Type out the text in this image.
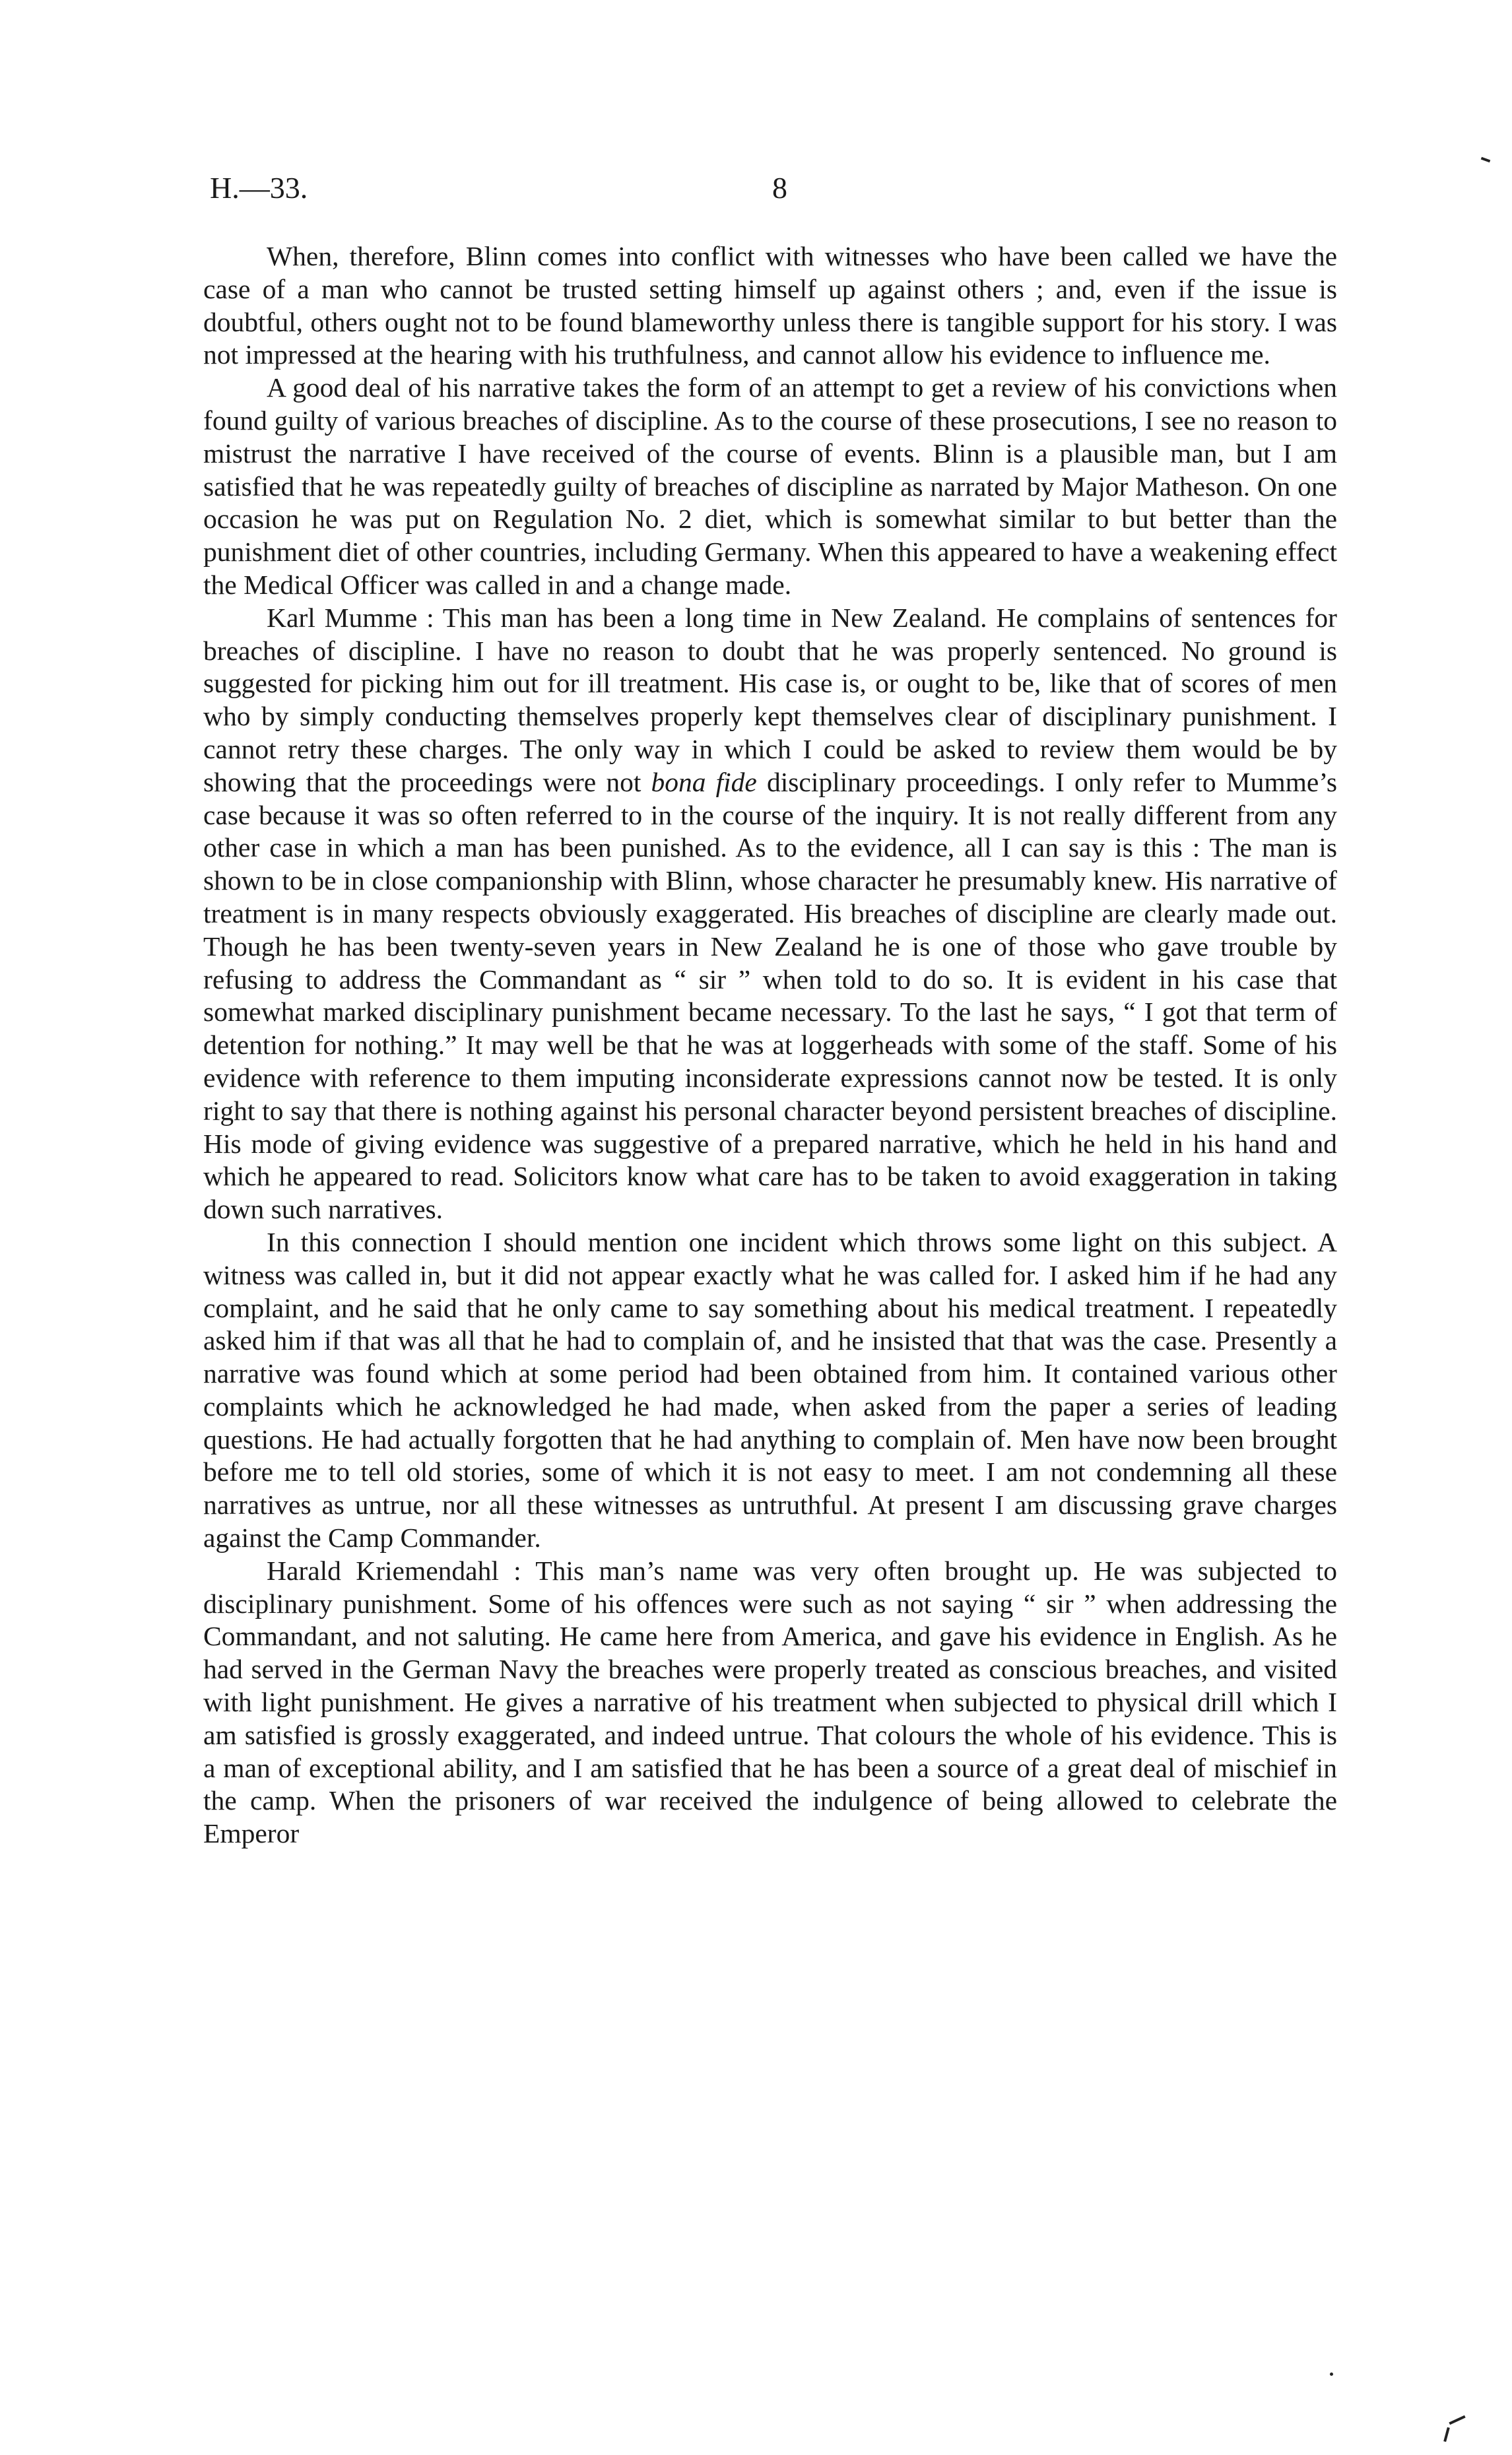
H.—33.	8

When, therefore, Blinn comes into conflict with witnesses who have been called we have the case of a man who cannot be trusted setting himself up against others ; and, even if the issue is doubtful, others ought not to be found blameworthy unless there is tangible support for his story. I was not impressed at the hearing with his truthfulness, and cannot allow his evidence to influence me.

A good deal of his narrative takes the form of an attempt to get a review of his convictions when found guilty of various breaches of discipline. As to the course of these prosecutions, I see no reason to mistrust the narrative I have received of the course of events. Blinn is a plausible man, but I am satisfied that he was repeatedly guilty of breaches of discipline as narrated by Major Matheson. On one occasion he was put on Regulation No. 2 diet, which is somewhat similar to but better than the punishment diet of other countries, including Germany. When this appeared to have a weakening effect the Medical Officer was called in and a change made.

Karl Mumme : This man has been a long time in New Zealand. He complains of sentences for breaches of discipline. I have no reason to doubt that he was properly sentenced. No ground is suggested for picking him out for ill treatment. His case is, or ought to be, like that of scores of men who by simply conducting themselves properly kept themselves clear of disciplinary punishment. I cannot retry these charges. The only way in which I could be asked to review them would be by showing that the proceedings were not bona fide disciplinary proceedings. I only refer to Mumme’s case because it was so often referred to in the course of the inquiry. It is not really different from any other case in which a man has been punished. As to the evidence, all I can say is this : The man is shown to be in close companionship with Blinn, whose character he presumably knew. His narrative of treatment is in many respects obviously exaggerated. His breaches of discipline are clearly made out. Though he has been twenty-seven years in New Zealand he is one of those who gave trouble by refusing to address the Commandant as “ sir ” when told to do so. It is evident in his case that somewhat marked disciplinary punishment became necessary. To the last he says, “ I got that term of detention for nothing.” It may well be that he was at loggerheads with some of the staff. Some of his evidence with reference to them imputing inconsiderate expressions cannot now be tested. It is only right to say that there is nothing against his personal character beyond persistent breaches of discipline. His mode of giving evidence was suggestive of a prepared narrative, which he held in his hand and which he appeared to read. Solicitors know what care has to be taken to avoid exaggeration in taking down such narratives.

In this connection I should mention one incident which throws some light on this subject. A witness was called in, but it did not appear exactly what he was called for. I asked him if he had any complaint, and he said that he only came to say something about his medical treatment. I repeatedly asked him if that was all that he had to complain of, and he insisted that that was the case. Presently a narrative was found which at some period had been obtained from him. It contained various other complaints which he acknowledged he had made, when asked from the paper a series of leading questions. He had actually forgotten that he had anything to complain of. Men have now been brought before me to tell old stories, some of which it is not easy to meet. I am not condemning all these narratives as untrue, nor all these witnesses as untruthful. At present I am discussing grave charges against the Camp Commander.

Harald Kriemendahl : This man’s name was very often brought up. He was subjected to disciplinary punishment. Some of his offences were such as not saying “ sir ” when addressing the Commandant, and not saluting. He came here from America, and gave his evidence in English. As he had served in the German Navy the breaches were properly treated as conscious breaches, and visited with light punishment. He gives a narrative of his treatment when subjected to physical drill which I am satisfied is grossly exaggerated, and indeed untrue. That colours the whole of his evidence. This is a man of exceptional ability, and I am satisfied that he has been a source of a great deal of mischief in the camp. When the prisoners of war received the indulgence of being allowed to celebrate the Emperor
